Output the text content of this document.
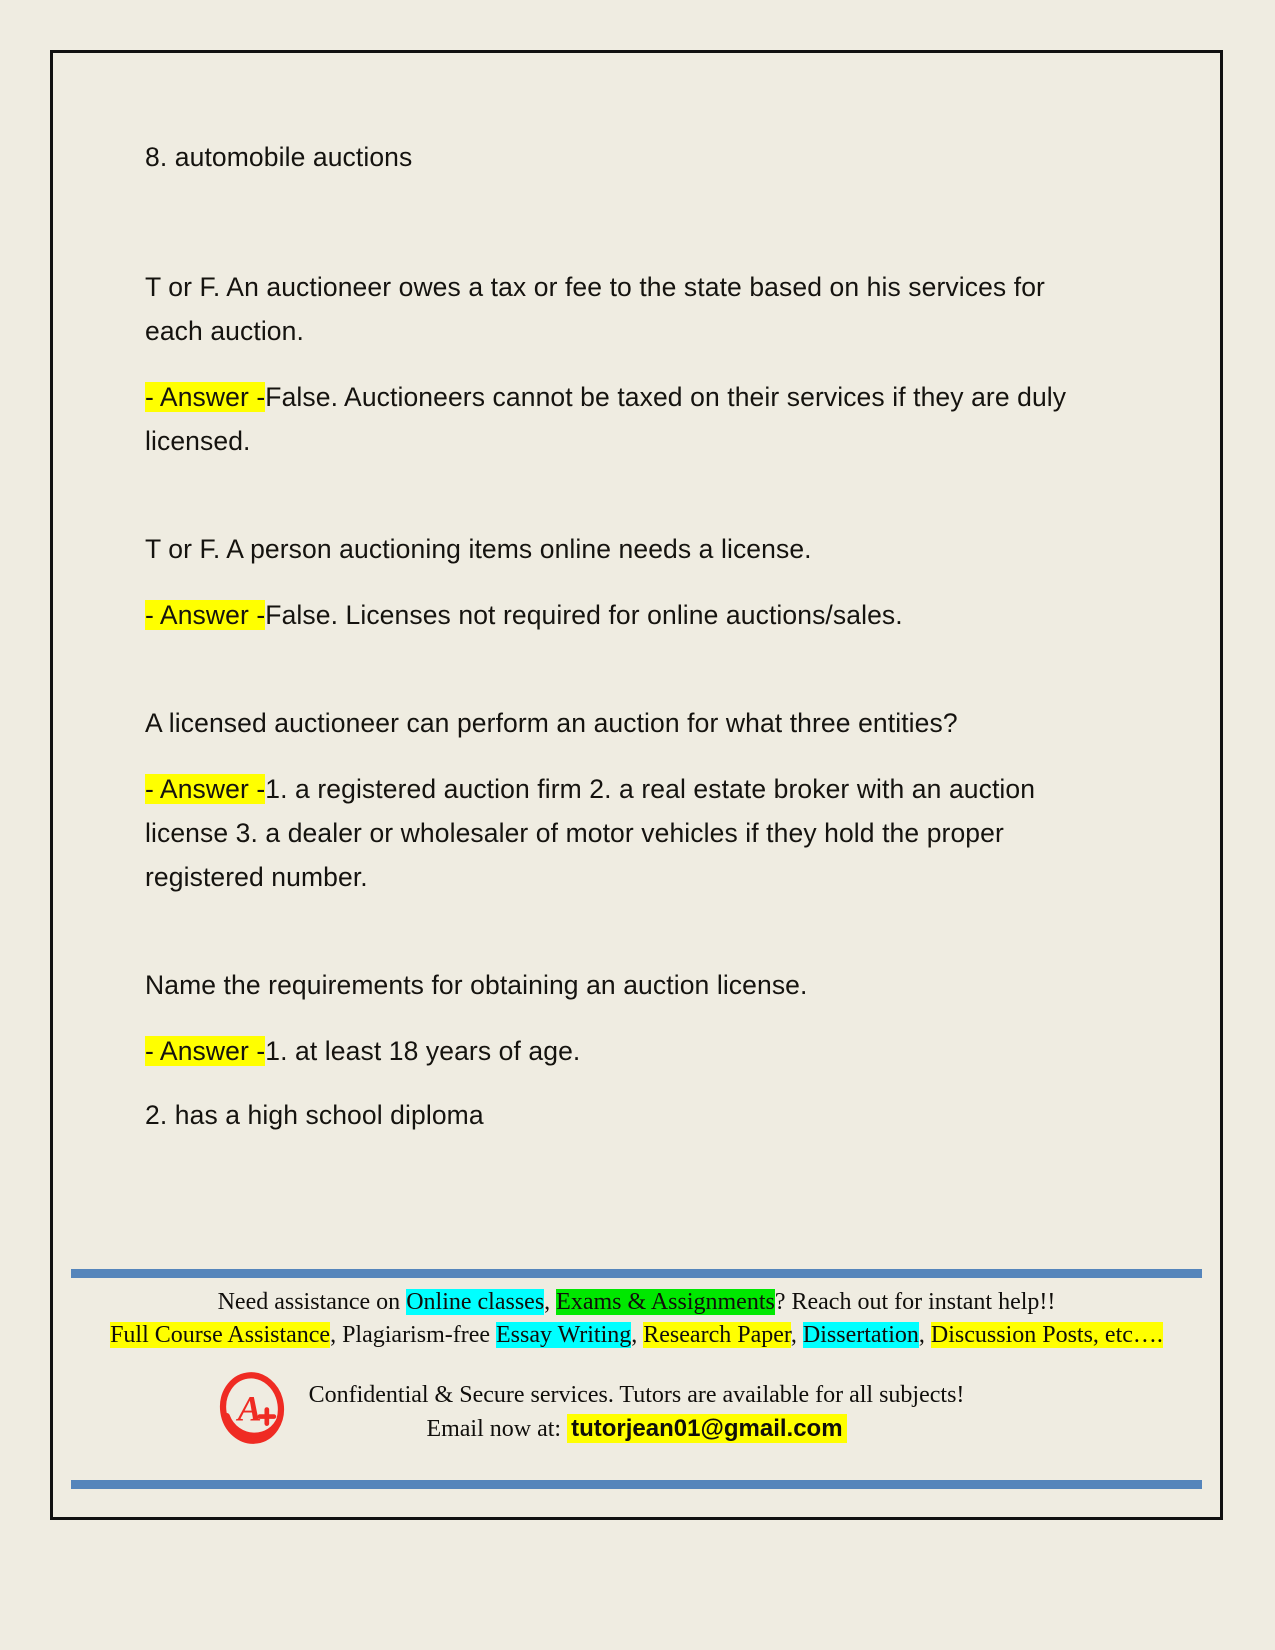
8. automobile auctions
T or F. An auctioneer owes a tax or fee to the state based on his services for each auction.
- Answer -False. Auctioneers cannot be taxed on their services if they are duly licensed.
T or F. A person auctioning items online needs a license.
- Answer -False. Licenses not required for online auctions/sales.
A licensed auctioneer can perform an auction for what three entities?
- Answer -1. a registered auction firm 2. a real estate broker with an auction license 3. a dealer or wholesaler of motor vehicles if they hold the proper registered number.
Name the requirements for obtaining an auction license.
- Answer -1. at least 18 years of age.
2. has a high school diploma
Need assistance on Online classes, Exams & Assignments? Reach out for instant help!!
Full Course Assistance, Plagiarism-free Essay Writing, Research Paper, Dissertation, Discussion Posts, etc….
A	Confidential & Secure services. Tutors are available for all subjects!
Email now at: tutorjean01@gmail.com
